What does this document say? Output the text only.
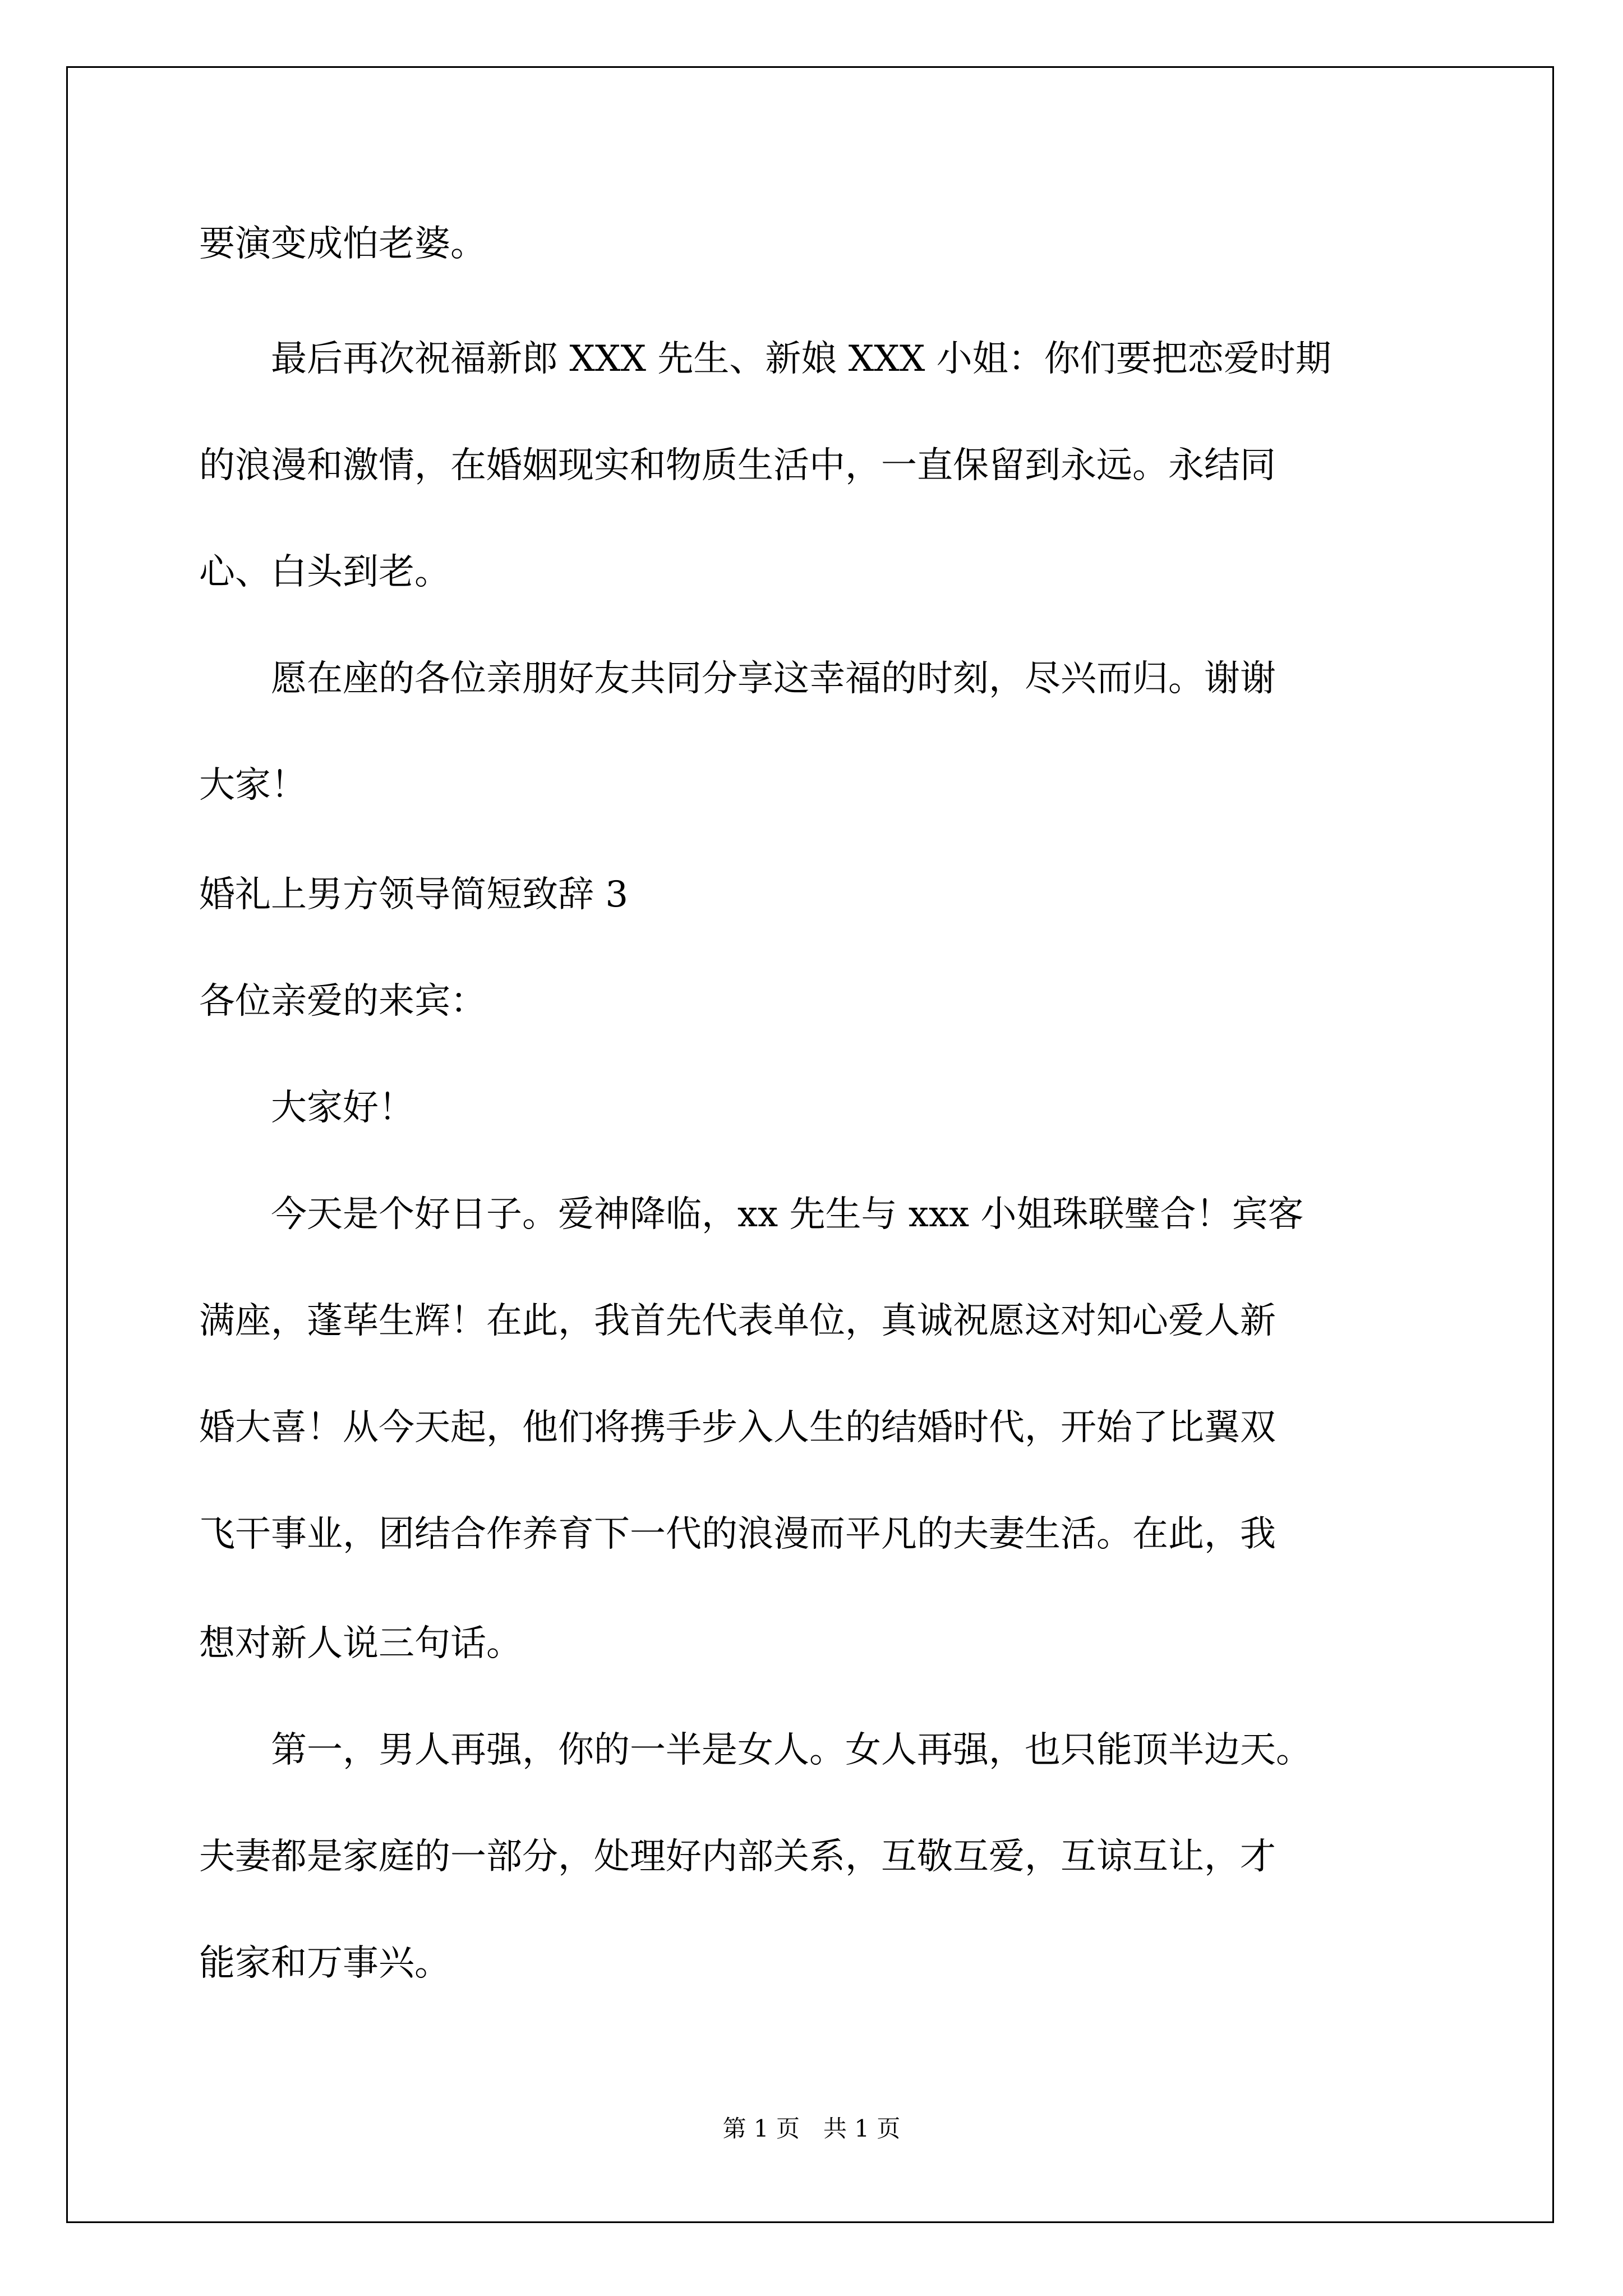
要演变成怕老婆。

　　最后再次祝福新郎 XXX 先生、新娘 XXX 小姐：你们要把恋爱时期

的浪漫和激情，在婚姻现实和物质生活中，一直保留到永远。永结同

心、白头到老。

　　愿在座的各位亲朋好友共同分享这幸福的时刻，尽兴而归。谢谢

大家！

婚礼上男方领导简短致辞 3

各位亲爱的来宾：

　　大家好！

　　今天是个好日子。爱神降临，xx 先生与 xxx 小姐珠联璧合！宾客

满座，蓬荜生辉！在此，我首先代表单位，真诚祝愿这对知心爱人新

婚大喜！从今天起，他们将携手步入人生的结婚时代，开始了比翼双

飞干事业，团结合作养育下一代的浪漫而平凡的夫妻生活。在此，我

想对新人说三句话。

　　第一，男人再强，你的一半是女人。女人再强，也只能顶半边天。

夫妻都是家庭的一部分，处理好内部关系，互敬互爱，互谅互让，才

能家和万事兴。

第 1 页　共 1 页
